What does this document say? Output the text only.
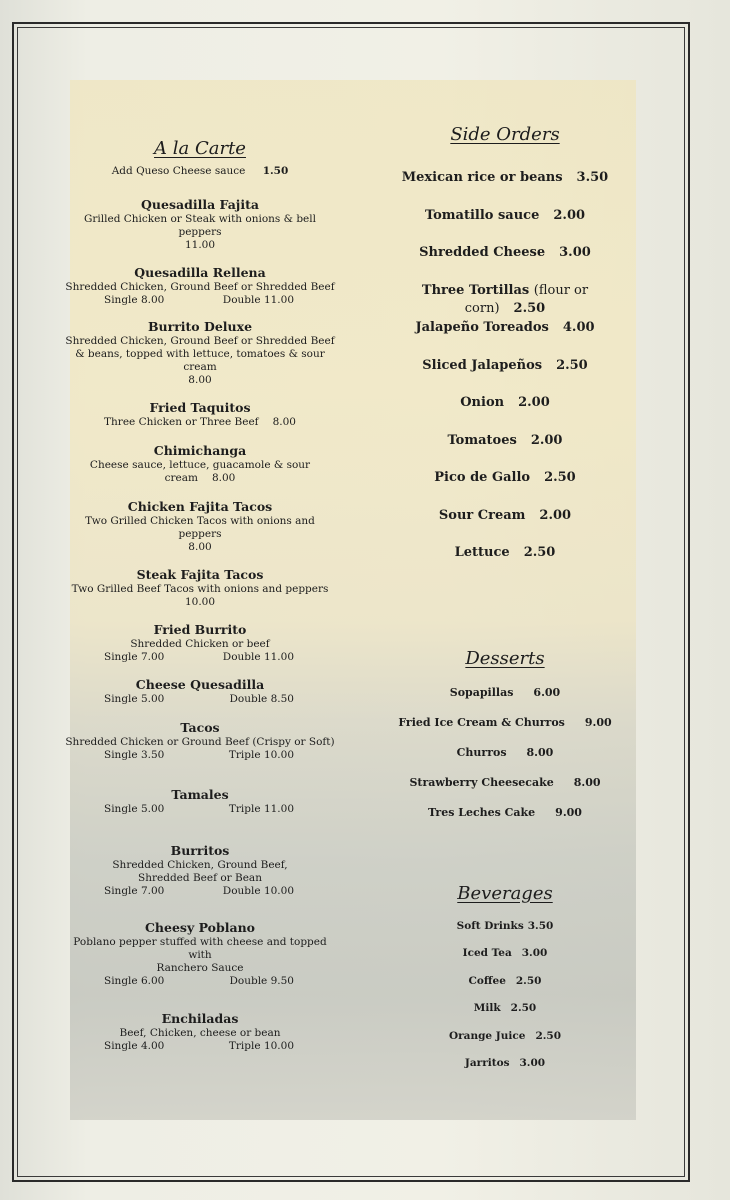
A la Carte
Add Queso Cheese sauce 1.50
Quesadilla Fajita
Grilled Chicken or Steak with onions & bell peppers
11.00
Quesadilla Rellena
Shredded Chicken, Ground Beef or Shredded Beef
Single 8.00	Double 11.00
Burrito Deluxe
Shredded Chicken, Ground Beef or Shredded Beef
& beans, topped with lettuce, tomatoes & sour cream
8.00
Fried Taquitos
Three Chicken or Three Beef 8.00
Chimichanga
Cheese sauce, lettuce, guacamole & sour cream 8.00
Chicken Fajita Tacos
Two Grilled Chicken Tacos with onions and peppers
8.00
Steak Fajita Tacos
Two Grilled Beef Tacos with onions and peppers
10.00
Fried Burrito
Shredded Chicken or beef
Single 7.00	Double 11.00
Cheese Quesadilla
Single 5.00	Double 8.50
Tacos
Shredded Chicken or Ground Beef (Crispy or Soft)
Single 3.50	Triple 10.00
Tamales
Single 5.00	Triple 11.00
Burritos
Shredded Chicken, Ground Beef,
Shredded Beef or Bean
Single 7.00	Double 10.00
Cheesy Poblano
Poblano pepper stuffed with cheese and topped with
Ranchero Sauce
Single 6.00	Double 9.50
Enchiladas
Beef, Chicken, cheese or bean
Single 4.00	Triple 10.00
Side Orders
Mexican rice or beans 3.50
Tomatillo sauce 2.00
Shredded Cheese 3.00
Three Tortillas (flour or corn) 2.50
Jalapeño Toreados 4.00
Sliced Jalapeños 2.50
Onion 2.00
Tomatoes 2.00
Pico de Gallo 2.50
Sour Cream 2.00
Lettuce 2.50
Desserts
Sopapillas 6.00
Fried Ice Cream & Churros 9.00
Churros 8.00
Strawberry Cheesecake 8.00
Tres Leches Cake 9.00
Beverages
Soft Drinks 3.50
Iced Tea 3.00
Coffee 2.50
Milk 2.50
Orange Juice 2.50
Jarritos 3.00
